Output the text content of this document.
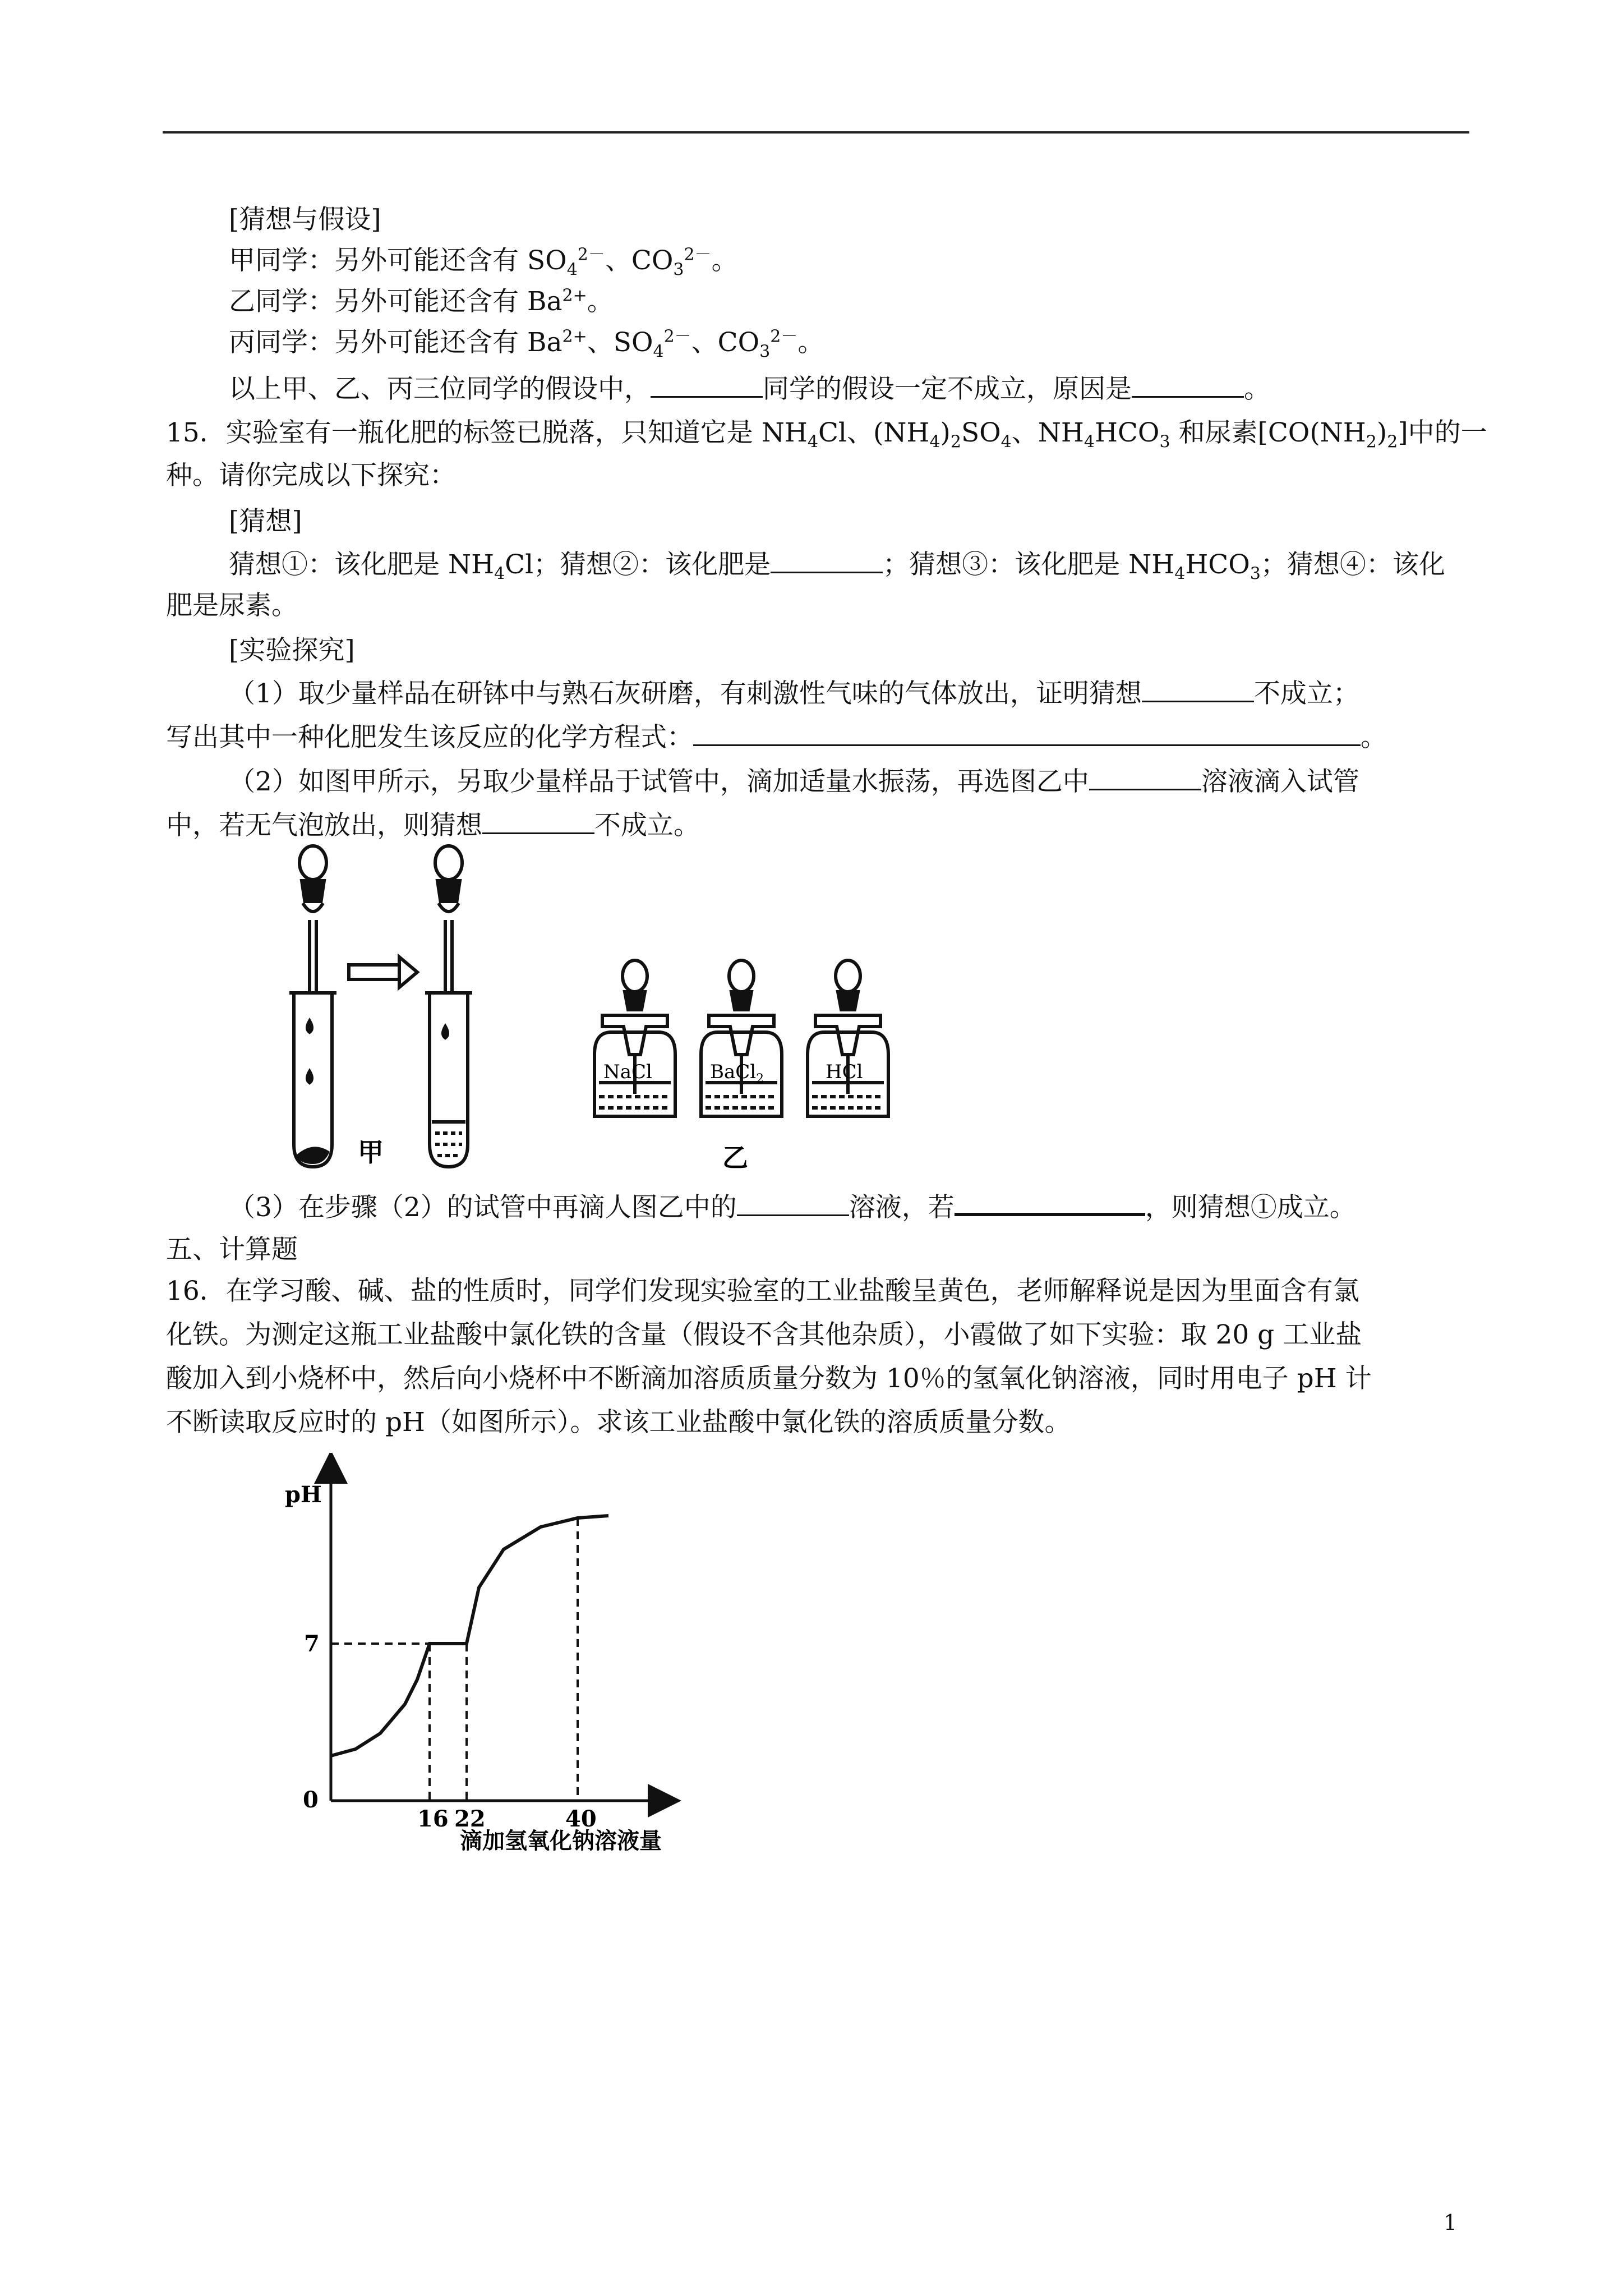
[猜想与假设]
甲同学：另外可能还含有 $SO_4^{2-}$、$CO_3^{2-}$。
乙同学：另外可能还含有 $Ba^{2+}$。
丙同学：另外可能还含有 $Ba^{2+}$、$SO_4^{2-}$、$CO_3^{2-}$。
以上甲、乙、丙三位同学的假设中，	同学的假设一定不成立，原因是	。
15．实验室有一瓶化肥的标签已脱落，只知道它是 $NH_4Cl$、$(NH_4)_2SO_4$、$NH_4HCO_3$ 和尿素$[CO(NH_2)_2]$中的一
种。请你完成以下探究：
[猜想]
猜想①：该化肥是 $NH_4Cl$；猜想②：该化肥是	；猜想③：该化肥是 $NH_4HCO_3$；猜想④：该化
肥是尿素。
[实验探究]
（1）取少量样品在研钵中与熟石灰研磨，有刺激性气味的气体放出，证明猜想	不成立；
写出其中一种化肥发生该反应的化学方程式：	。
（2）如图甲所示，另取少量样品于试管中，滴加适量水振荡，再选图乙中	溶液滴入试管
中，若无气泡放出，则猜想	不成立。
甲
NaCl	BaCl$_2$	HCl
乙
（3）在步骤（2）的试管中再滴人图乙中的	溶液，若	，则猜想①成立。
五、计算题
16．在学习酸、碱、盐的性质时，同学们发现实验室的工业盐酸呈黄色，老师解释说是因为里面含有氯
化铁。为测定这瓶工业盐酸中氯化铁的含量（假设不含其他杂质），小霞做了如下实验：取 20 g 工业盐
酸加入到小烧杯中，然后向小烧杯中不断滴加溶质质量分数为 10％的氢氧化钠溶液，同时用电子 pH 计
不断读取反应时的 pH（如图所示）。求该工业盐酸中氯化铁的溶质质量分数。
pH
0
7
16 22	40
滴加氢氧化钠溶液量
1
